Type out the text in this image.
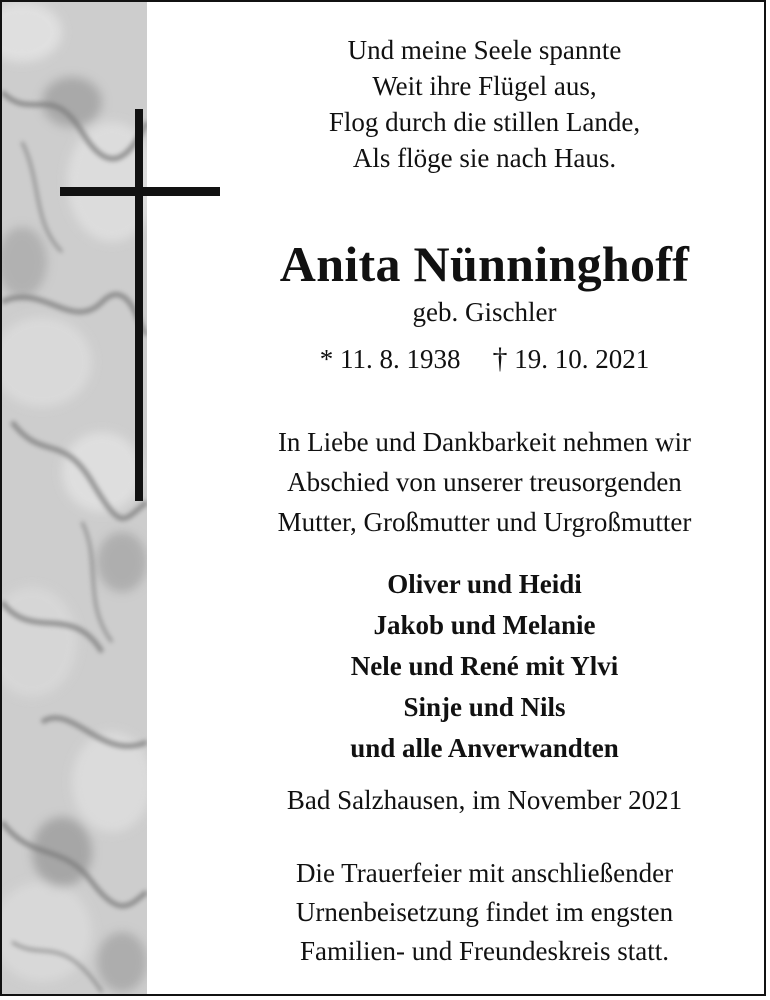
Und meine Seele spannte
Weit ihre Flügel aus,
Flog durch die stillen Lande,
Als flöge sie nach Haus.
Anita Nünninghoff
geb. Gischler
* 11. 8. 1938 † 19. 10. 2021
In Liebe und Dankbarkeit nehmen wir
Abschied von unserer treusorgenden
Mutter, Großmutter und Urgroßmutter
Oliver und Heidi
Jakob und Melanie
Nele und René mit Ylvi
Sinje und Nils
und alle Anverwandten
Bad Salzhausen, im November 2021
Die Trauerfeier mit anschließender
Urnenbeisetzung findet im engsten
Familien- und Freundeskreis statt.
